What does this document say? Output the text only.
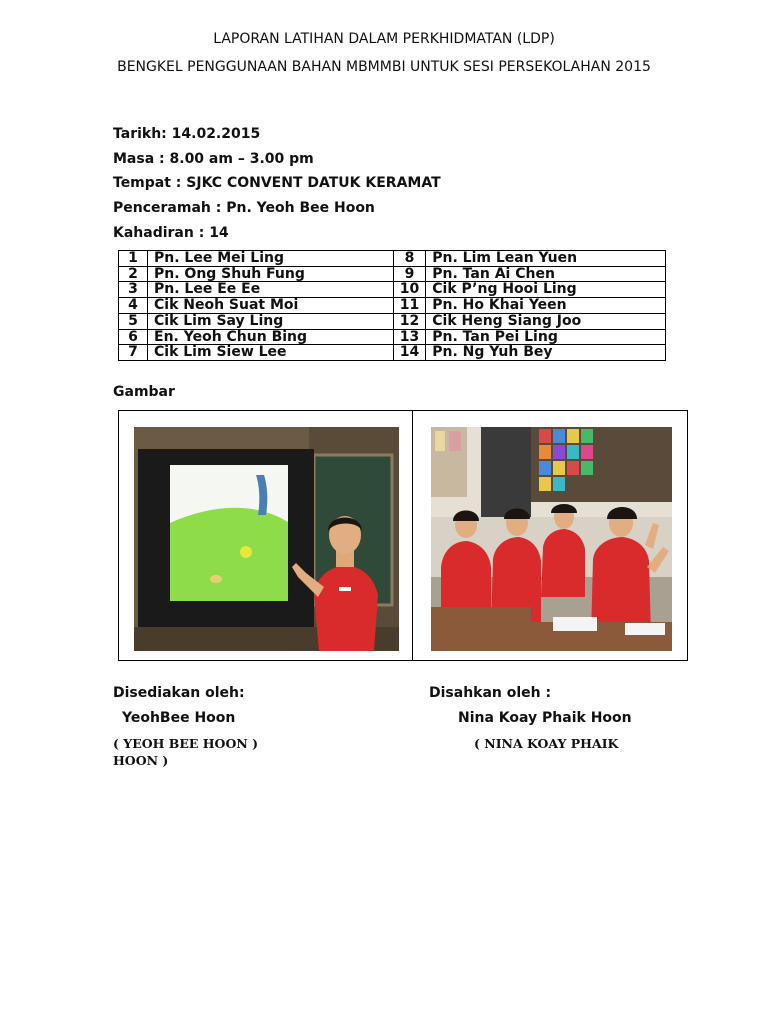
LAPORAN LATIHAN DALAM PERKHIDMATAN (LDP)
BENGKEL PENGGUNAAN BAHAN MBMMBI UNTUK SESI PERSEKOLAHAN 2015
Tarikh: 14.02.2015
Masa : 8.00 am – 3.00 pm
Tempat : SJKC CONVENT DATUK KERAMAT
Penceramah : Pn. Yeoh Bee Hoon
Kahadiran : 14
1	Pn. Lee Mei Ling	8	Pn. Lim Lean Yuen
2	Pn. Ong Shuh Fung	9	Pn. Tan Ai Chen
3	Pn. Lee Ee Ee	10	Cik P’ng Hooi Ling
4	Cik Neoh Suat Moi	11	Pn. Ho Khai Yeen
5	Cik Lim Say Ling	12	Cik Heng Siang Joo
6	En. Yeoh Chun Bing	13	Pn. Tan Pei Ling
7	Cik Lim Siew Lee	14	Pn. Ng Yuh Bey
Gambar
Disediakan oleh:
YeohBee Hoon
( YEOH BEE HOON )
HOON )
Disahkan oleh :
Nina Koay Phaik Hoon
( NINA KOAY PHAIK
